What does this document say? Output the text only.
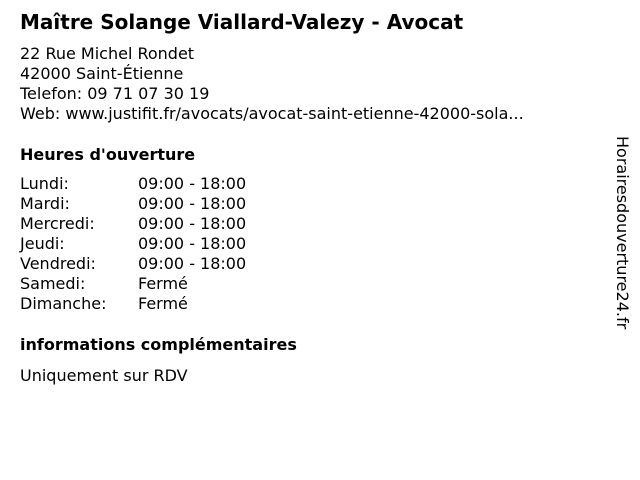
Maître Solange Viallard-Valezy - Avocat
22 Rue Michel Rondet
42000 Saint-Étienne
Telefon: 09 71 07 30 19
Web: www.justifit.fr/avocats/avocat-saint-etienne-42000-sola...
Heures d'ouverture
Lundi:	09:00 - 18:00
Mardi:	09:00 - 18:00
Mercredi:	09:00 - 18:00
Jeudi:	09:00 - 18:00
Vendredi:	09:00 - 18:00
Samedi:	Fermé
Dimanche:	Fermé
informations complémentaires
Uniquement sur RDV
Horairesdouverture24.fr
